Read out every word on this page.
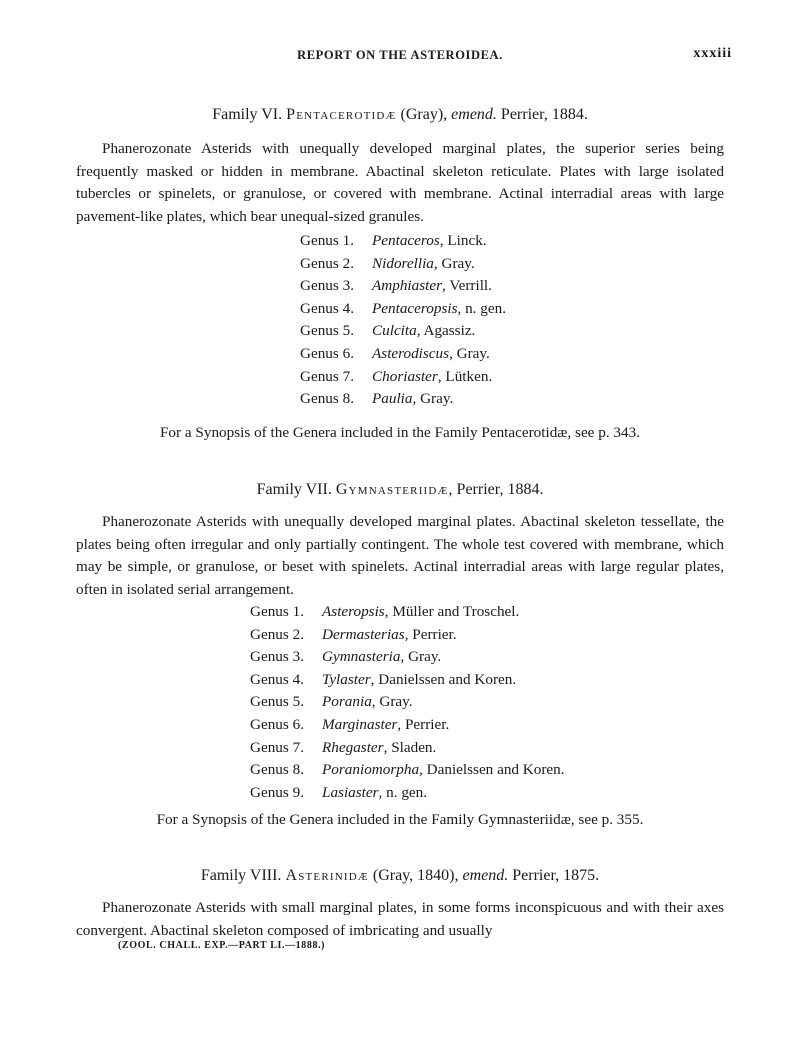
REPORT ON THE ASTEROIDEA.	xxxiii
Family VI. Pentacerotidæ (Gray), emend. Perrier, 1884.

Phanerozonate Asterids with unequally developed marginal plates, the superior series being frequently masked or hidden in membrane. Abactinal skeleton reticulate. Plates with large isolated tubercles or spinelets, or granulose, or covered with membrane. Actinal interradial areas with large pavement-like plates, which bear unequal-sized granules.

Genus 1. Pentaceros, Linck.
Genus 2. Nidorellia, Gray.
Genus 3. Amphiaster, Verrill.
Genus 4. Pentaceropsis, n. gen.
Genus 5. Culcita, Agassiz.
Genus 6. Asterodiscus, Gray.
Genus 7. Choriaster, Lütken.
Genus 8. Paulia, Gray.
For a Synopsis of the Genera included in the Family Pentacerotidæ, see p. 343.
Family VII. Gymnasteriidæ, Perrier, 1884.

Phanerozonate Asterids with unequally developed marginal plates. Abactinal skeleton tessellate, the plates being often irregular and only partially contingent. The whole test covered with membrane, which may be simple, or granulose, or beset with spinelets. Actinal interradial areas with large regular plates, often in isolated serial arrangement.

Genus 1. Asteropsis, Müller and Troschel.
Genus 2. Dermasterias, Perrier.
Genus 3. Gymnasteria, Gray.
Genus 4. Tylaster, Danielssen and Koren.
Genus 5. Porania, Gray.
Genus 6. Marginaster, Perrier.
Genus 7. Rhegaster, Sladen.
Genus 8. Poraniomorpha, Danielssen and Koren.
Genus 9. Lasiaster, n. gen.
For a Synopsis of the Genera included in the Family Gymnasteriidæ, see p. 355.
Family VIII. Asterinidæ (Gray, 1840), emend. Perrier, 1875.

Phanerozonate Asterids with small marginal plates, in some forms inconspicuous and with their axes convergent. Abactinal skeleton composed of imbricating and usually

(ZOOL. CHALL. EXP.—PART LI.—1888.)
